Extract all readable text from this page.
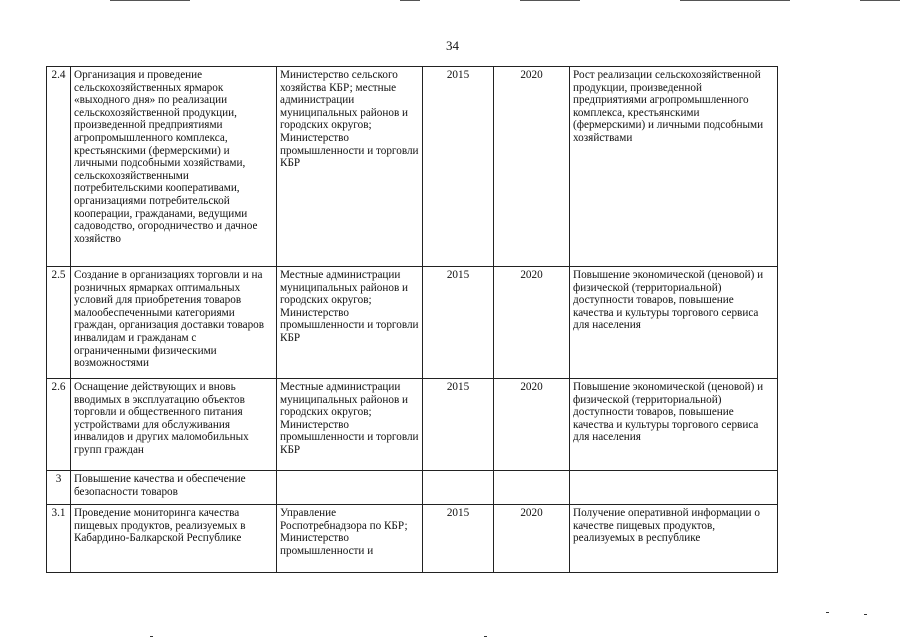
34
2.4	Организация и проведение сельскохозяйственных ярмарок «выходного дня» по реализации сельскохозяйственной продукции, произведенной предприятиями агропромышленного комплекса, крестьянскими (фермерскими) и личными подсобными хозяйствами, сельскохозяйственными потребительскими кооперативами, организациями потребительской кооперации, гражданами, ведущими садоводство, огородничество и дачное хозяйство	Министерство сельского хозяйства КБР; местные администрации муниципальных районов и городских округов; Министерство промышленности и торговли КБР	2015	2020	Рост реализации сельскохозяйственной продукции, произведенной предприятиями агропромышленного комплекса, крестьянскими (фермерскими) и личными подсобными хозяйствами
2.5	Создание в организациях торговли и на розничных ярмарках оптимальных условий для приобретения товаров малообеспеченными категориями граждан, организация доставки товаров инвалидам и гражданам с ограниченными физическими возможностями	Местные администрации муниципальных районов и городских округов; Министерство промышленности и торговли КБР	2015	2020	Повышение экономической (ценовой) и физической (территориальной) доступности товаров, повышение качества и культуры торгового сервиса для населения
2.6	Оснащение действующих и вновь вводимых в эксплуатацию объектов торговли и общественного питания устройствами для обслуживания инвалидов и других маломобильных групп граждан	Местные администрации муниципальных районов и городских округов; Министерство промышленности и торговли КБР	2015	2020	Повышение экономической (ценовой) и физической (территориальной) доступности товаров, повышение качества и культуры торгового сервиса для населения
3	Повышение качества и обеспечение безопасности товаров				
3.1	Проведение мониторинга качества пищевых продуктов, реализуемых в Кабардино-Балкарской Республике	Управление Роспотребнадзора по КБР; Министерство промышленности и	2015	2020	Получение оперативной информации о качестве пищевых продуктов, реализуемых в республике
